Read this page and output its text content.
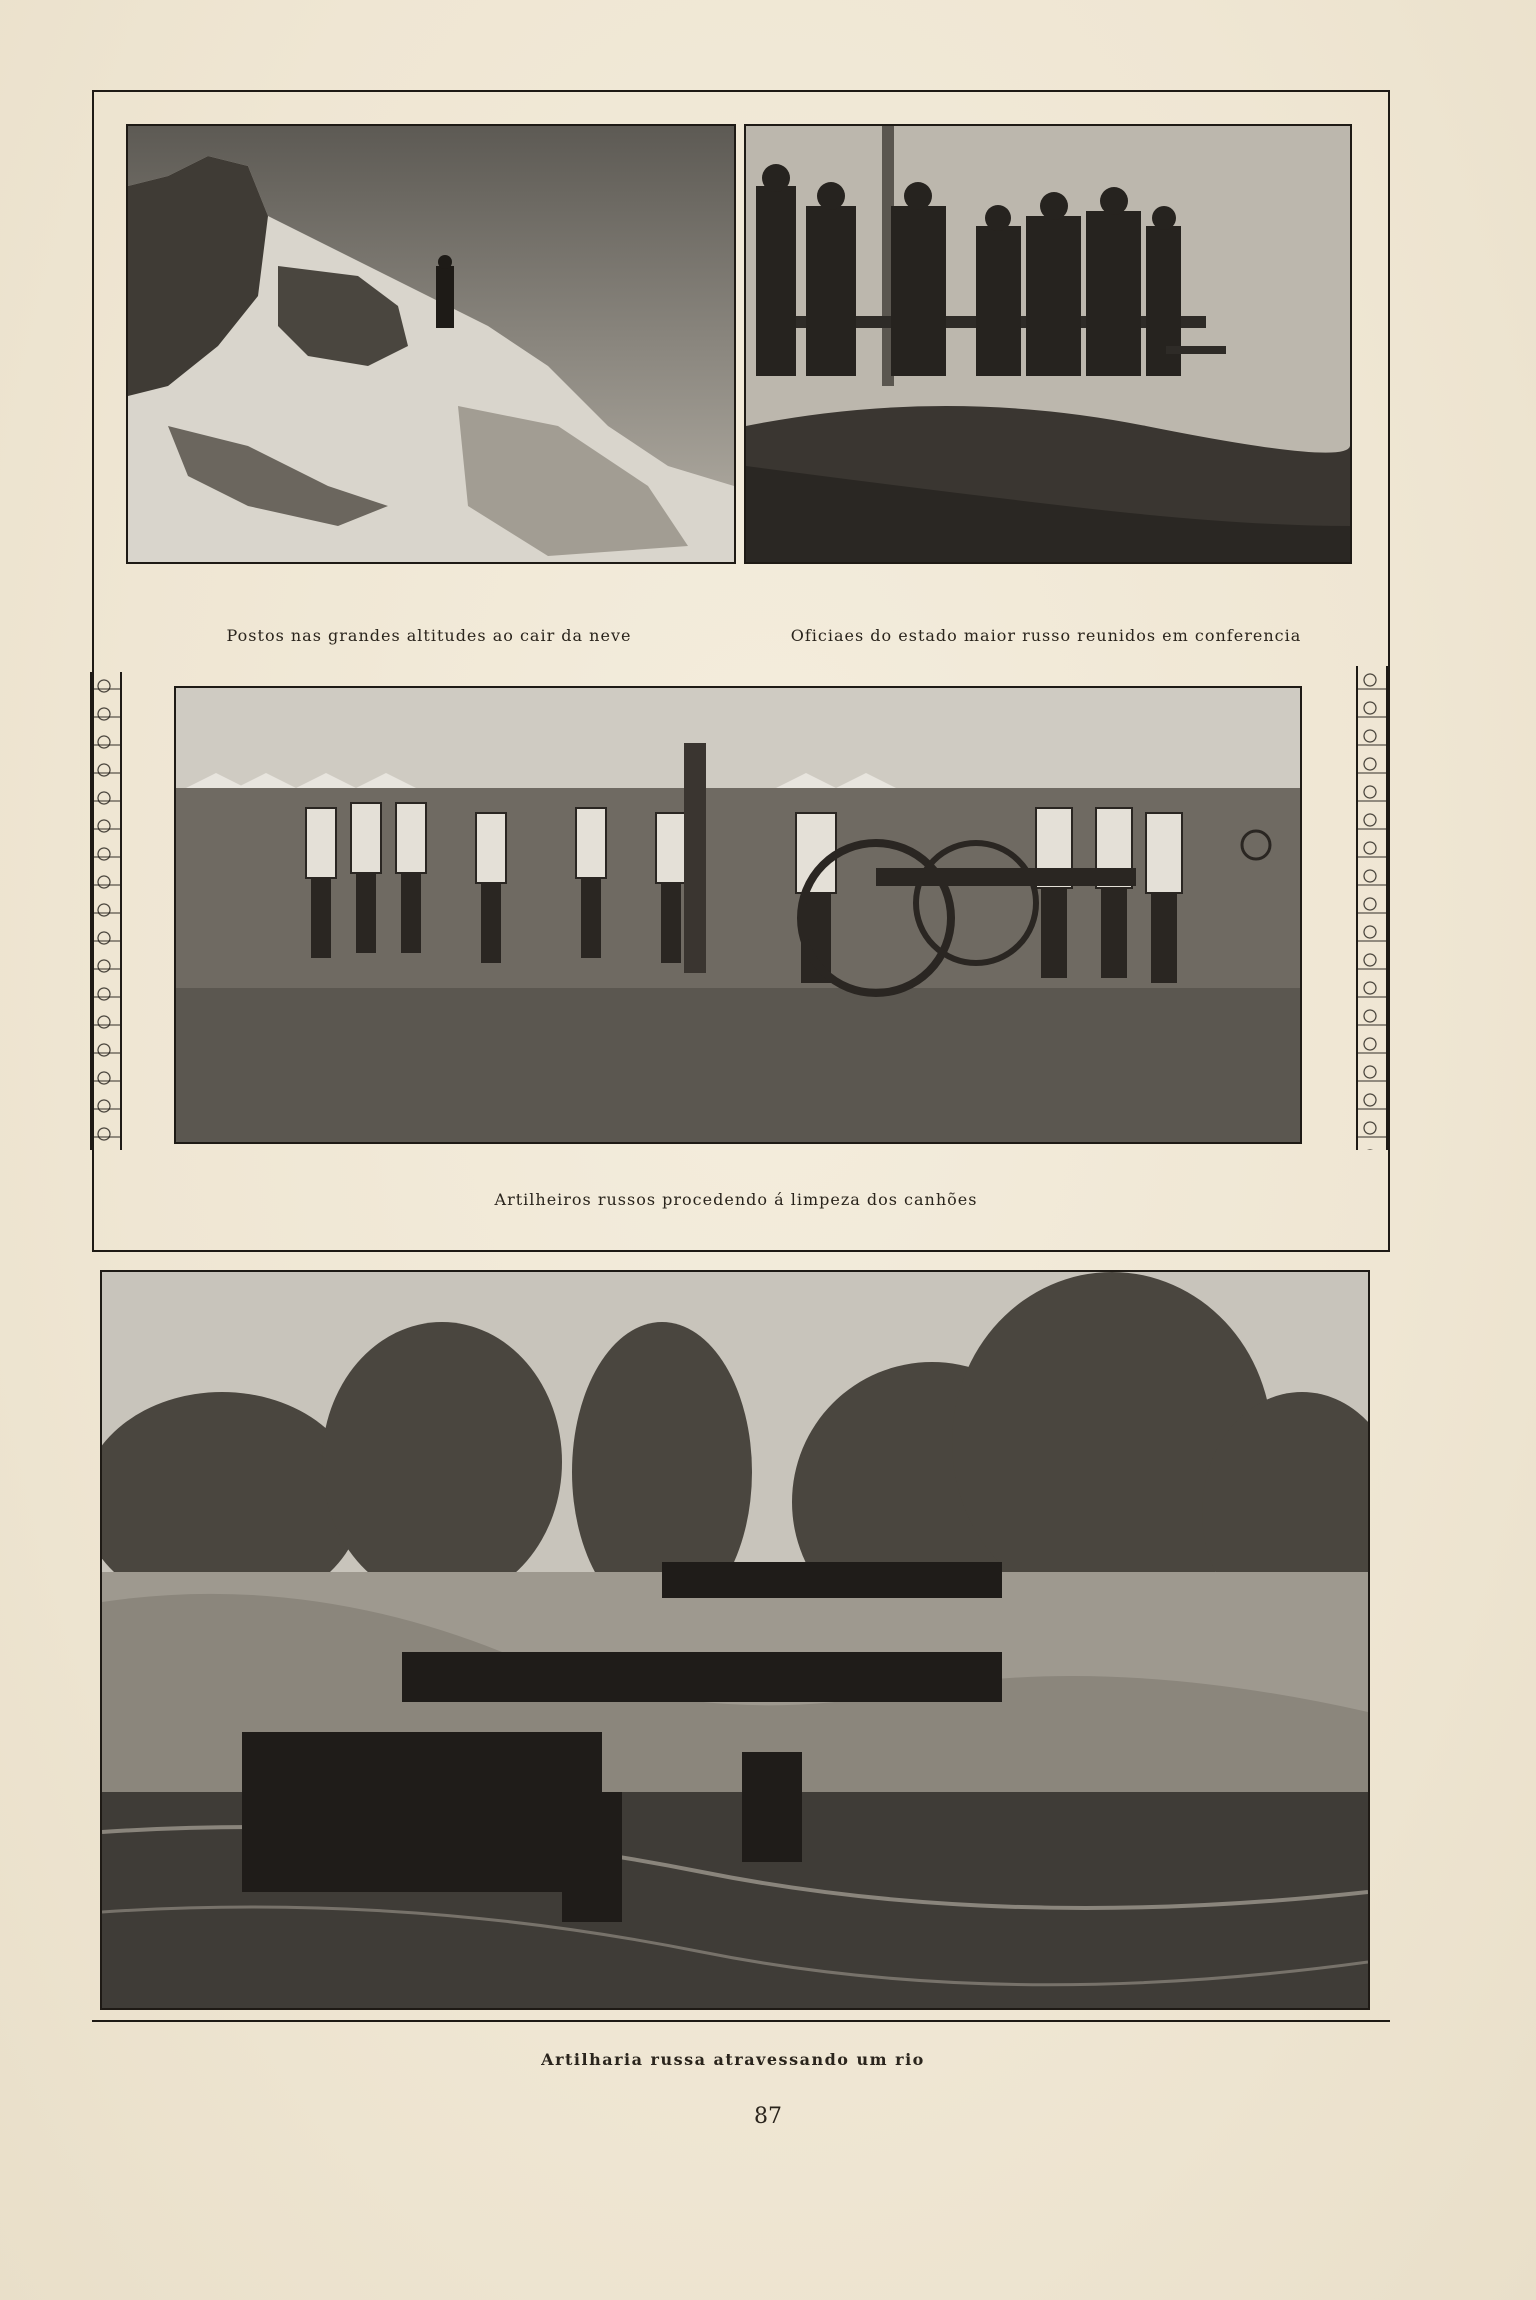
Postos nas grandes altitudes ao cair da neve	Oficiaes do estado maior russo reunidos em conferencia
Artilheiros russos procedendo á limpeza dos canhões
Artilharia russa atravessando um rio
87
